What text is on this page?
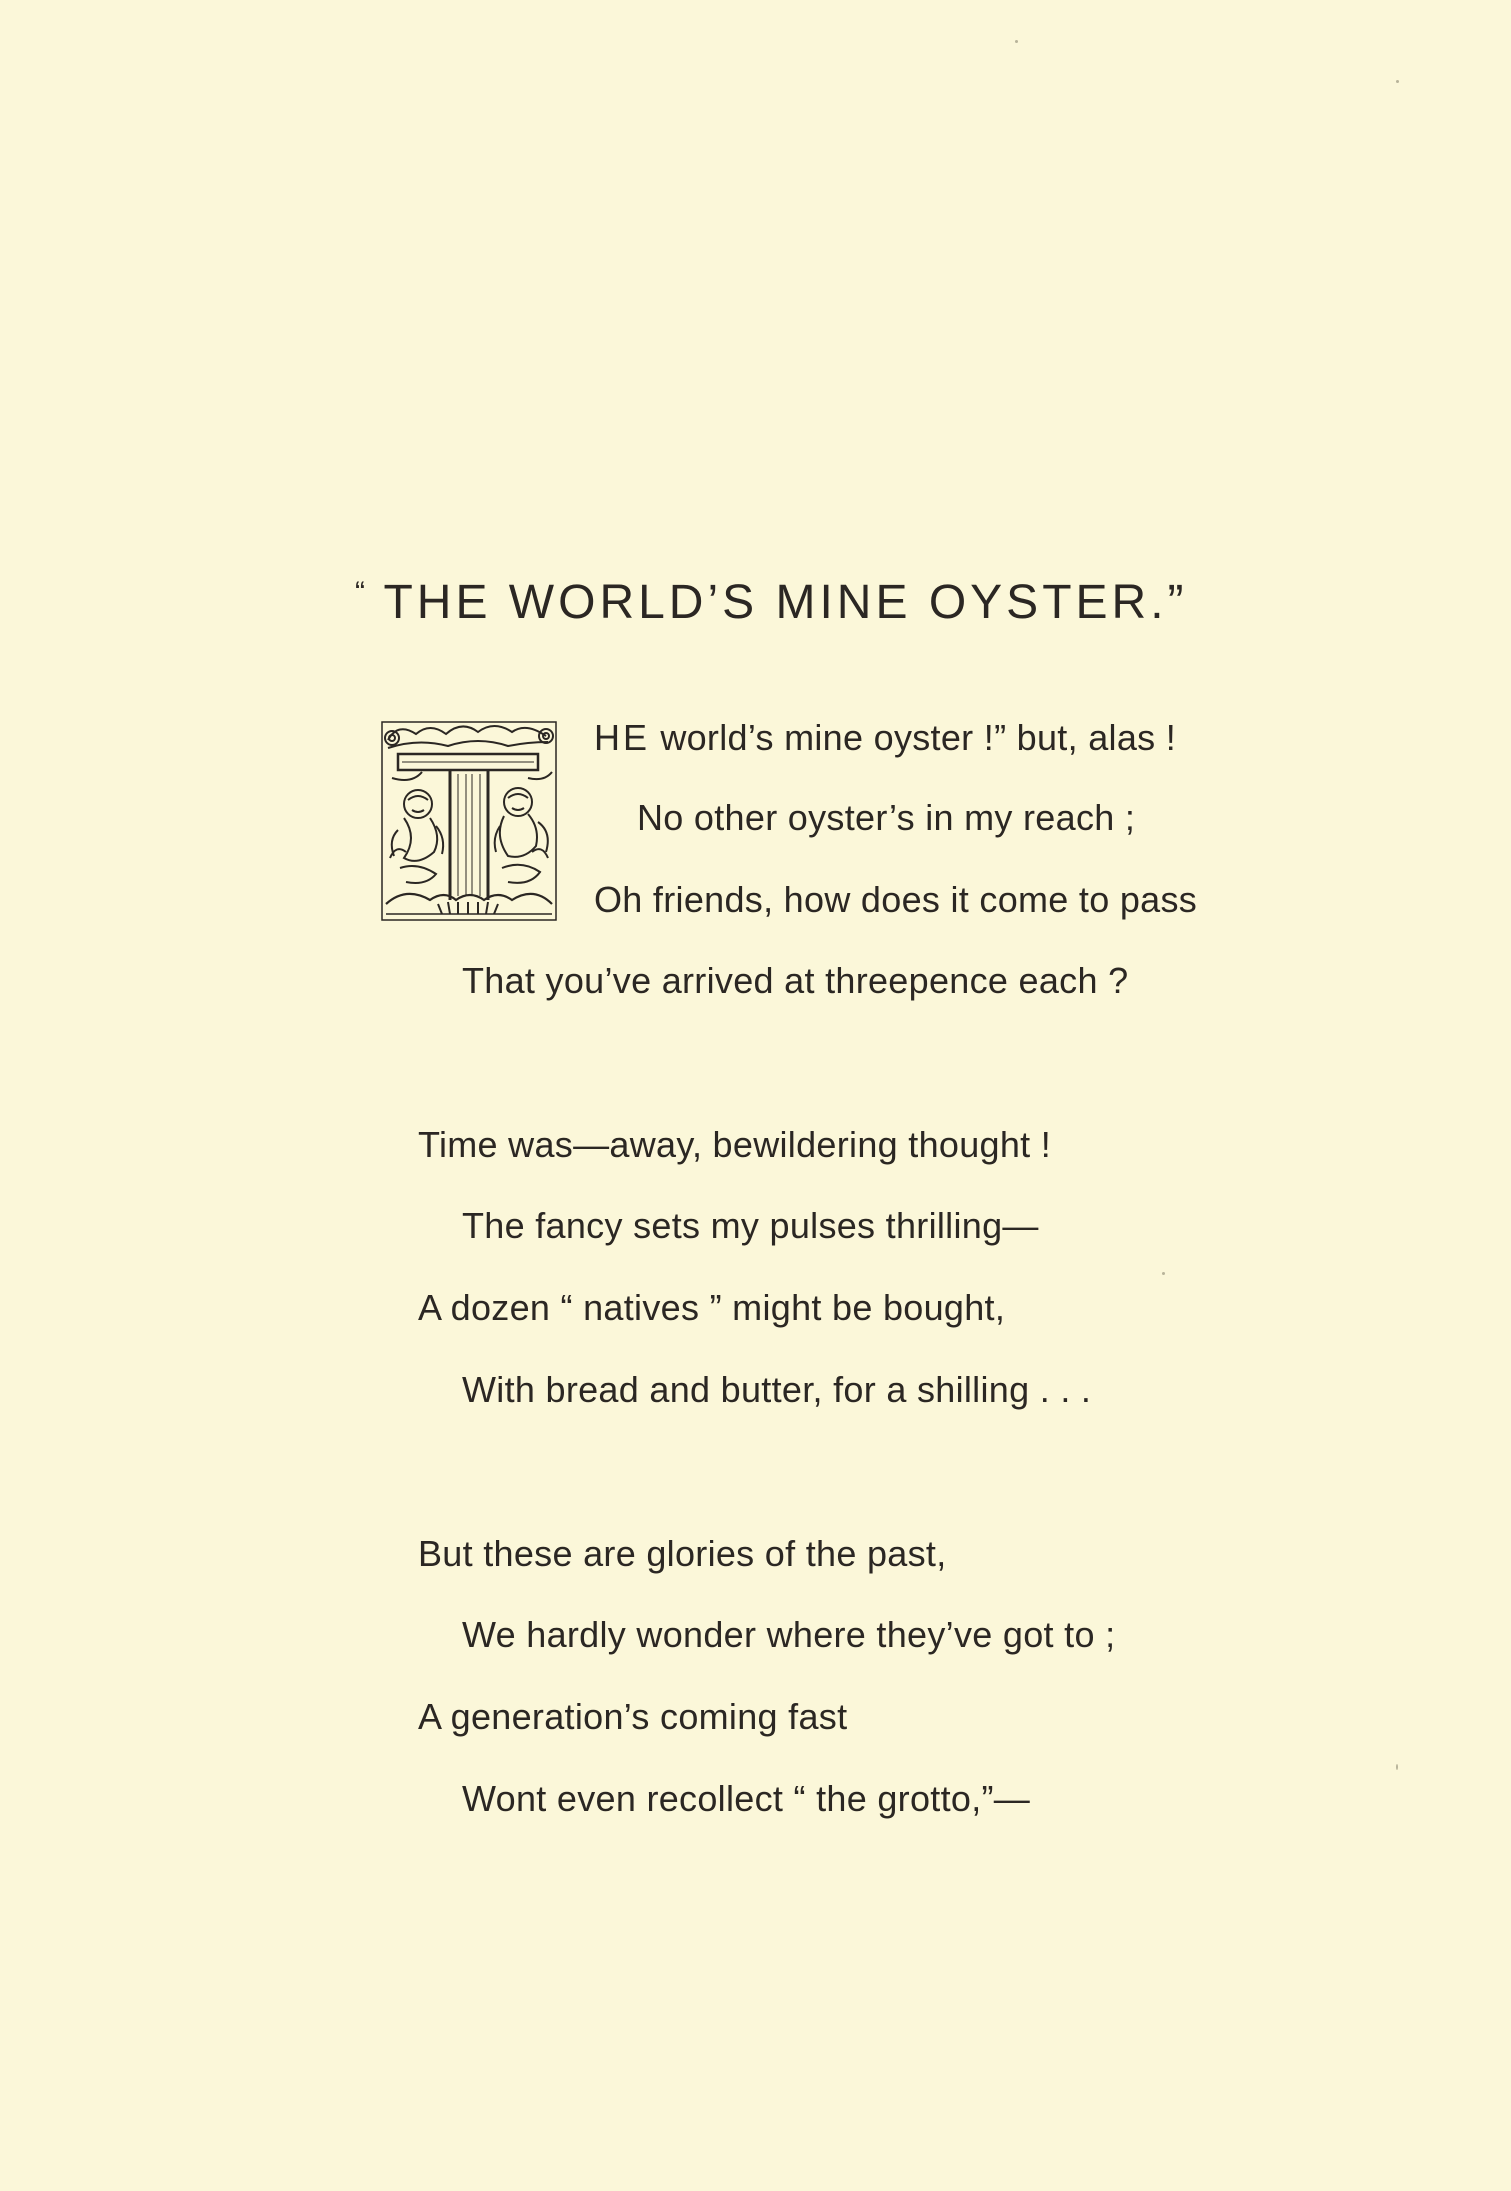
“ THE WORLD’S MINE OYSTER.”
HE world’s mine oyster !” but, alas !
No other oyster’s in my reach ;
Oh friends, how does it come to pass
That you’ve arrived at threepence each ?
Time was—away, bewildering thought !
The fancy sets my pulses thrilling—
A dozen “ natives ” might be bought,
With bread and butter, for a shilling . . .
But these are glories of the past,
We hardly wonder where they’ve got to ;
A generation’s coming fast
Wont even recollect “ the grotto,”—
